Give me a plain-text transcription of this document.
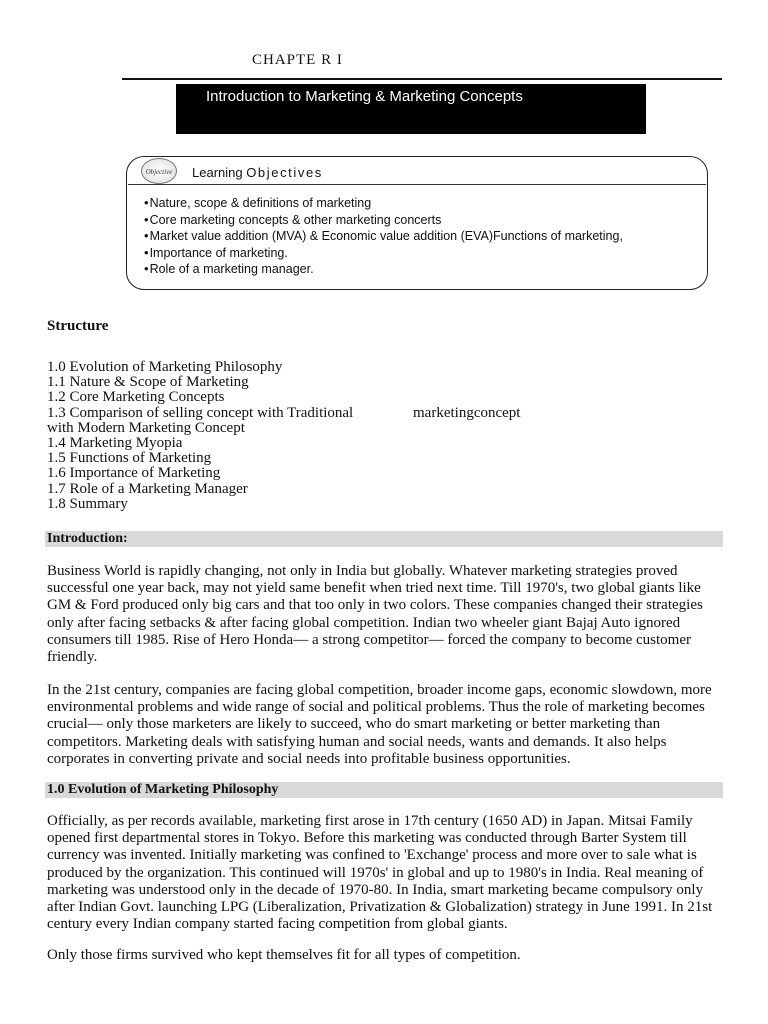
CHAPTE R I
Introduction to Marketing & Marketing Concepts
Objective	Learning Objectives
• Nature, scope & definitions of marketing
• Core marketing concepts & other marketing concerts
• Market value addition (MVA) & Economic value addition (EVA)Functions of marketing,
• Importance of marketing.
• Role of a marketing manager.
Structure
1.0 Evolution of Marketing Philosophy
1.1 Nature & Scope of Marketing
1.2 Core Marketing Concepts
1.3 Comparison of selling concept with Traditional	marketingconcept
with Modern Marketing Concept
1.4 Marketing Myopia
1.5 Functions of Marketing
1.6 Importance of Marketing
1.7 Role of a Marketing Manager
1.8 Summary
Introduction:

Business World is rapidly changing, not only in India but globally. Whatever marketing strategies proved successful one year back, may not yield same benefit when tried next time. Till 1970's, two global giants like GM & Ford produced only big cars and that too only in two colors. These companies changed their strategies only after facing setbacks & after facing global competition. Indian two wheeler giant Bajaj Auto ignored consumers till 1985. Rise of Hero Honda— a strong competitor— forced the company to become customer friendly.

In the 21st century, companies are facing global competition, broader income gaps, economic slowdown, more environmental problems and wide range of social and political problems. Thus the role of marketing becomes crucial— only those marketers are likely to succeed, who do smart marketing or better marketing than competitors. Marketing deals with satisfying human and social needs, wants and demands. It also helps corporates in converting private and social needs into profitable business opportunities.

1.0 Evolution of Marketing Philosophy

Officially, as per records available, marketing first arose in 17th century (1650 AD) in Japan. Mitsai Family opened first departmental stores in Tokyo. Before this marketing was conducted through Barter System till currency was invented. Initially marketing was confined to 'Exchange' process and more over to sale what is produced by the organization. This continued will 1970s' in global and up to 1980's in India. Real meaning of marketing was understood only in the decade of 1970-80. In India, smart marketing became compulsory only after Indian Govt. launching LPG (Liberalization, Privatization & Globalization) strategy in June 1991. In 21st century every Indian company started facing competition from global giants.

Only those firms survived who kept themselves fit for all types of competition.
